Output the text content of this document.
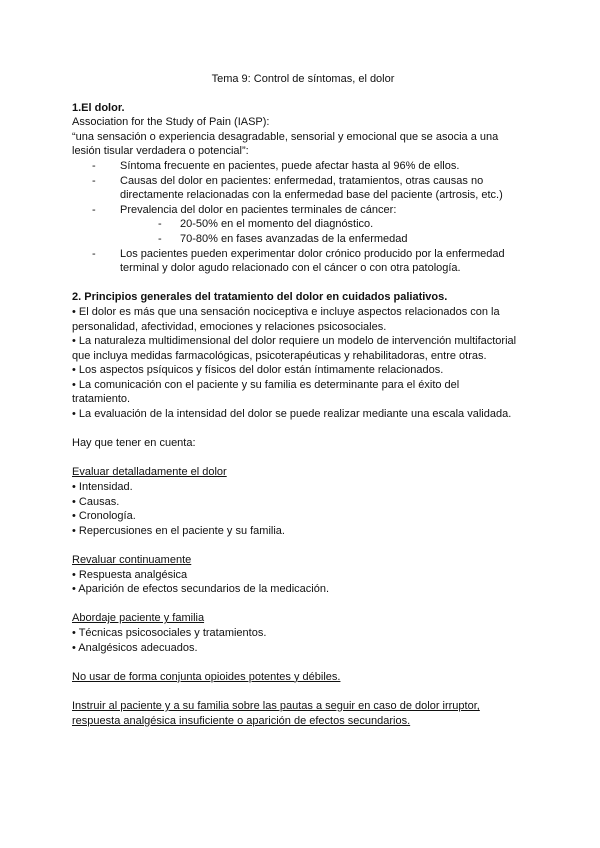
Tema 9: Control de síntomas, el dolor

1.El dolor.

Association for the Study of Pain (IASP):

“una sensación o experiencia desagradable, sensorial y emocional que se asocia a una lesión tisular verdadera o potencial”:

- Síntoma frecuente en pacientes, puede afectar hasta al 96% de ellos.
- Causas del dolor en pacientes: enfermedad, tratamientos, otras causas no directamente relacionadas con la enfermedad base del paciente (artrosis, etc.)
- Prevalencia del dolor en pacientes terminales de cáncer:
- 20-50% en el momento del diagnóstico.
- 70-80% en fases avanzadas de la enfermedad
- Los pacientes pueden experimentar dolor crónico producido por la enfermedad terminal y dolor agudo relacionado con el cáncer o con otra patología.

2. Principios generales del tratamiento del dolor en cuidados paliativos.

• El dolor es más que una sensación nociceptiva e incluye aspectos relacionados con la personalidad, afectividad, emociones y relaciones psicosociales.

• La naturaleza multidimensional del dolor requiere un modelo de intervención multifactorial que incluya medidas farmacológicas, psicoterapéuticas y rehabilitadoras, entre otras.

• Los aspectos psíquicos y físicos del dolor están íntimamente relacionados.

• La comunicación con el paciente y su familia es determinante para el éxito del tratamiento.

• La evaluación de la intensidad del dolor se puede realizar mediante una escala validada.

Hay que tener en cuenta:

Evaluar detalladamente el dolor

• Intensidad.

• Causas.

• Cronología.

• Repercusiones en el paciente y su familia.

Revaluar continuamente

• Respuesta analgésica

• Aparición de efectos secundarios de la medicación.

Abordaje paciente y familia

• Técnicas psicosociales y tratamientos.

• Analgésicos adecuados.

No usar de forma conjunta opioides potentes y débiles.

Instruir al paciente y a su familia sobre las pautas a seguir en caso de dolor irruptor, respuesta analgésica insuficiente o aparición de efectos secundarios.
